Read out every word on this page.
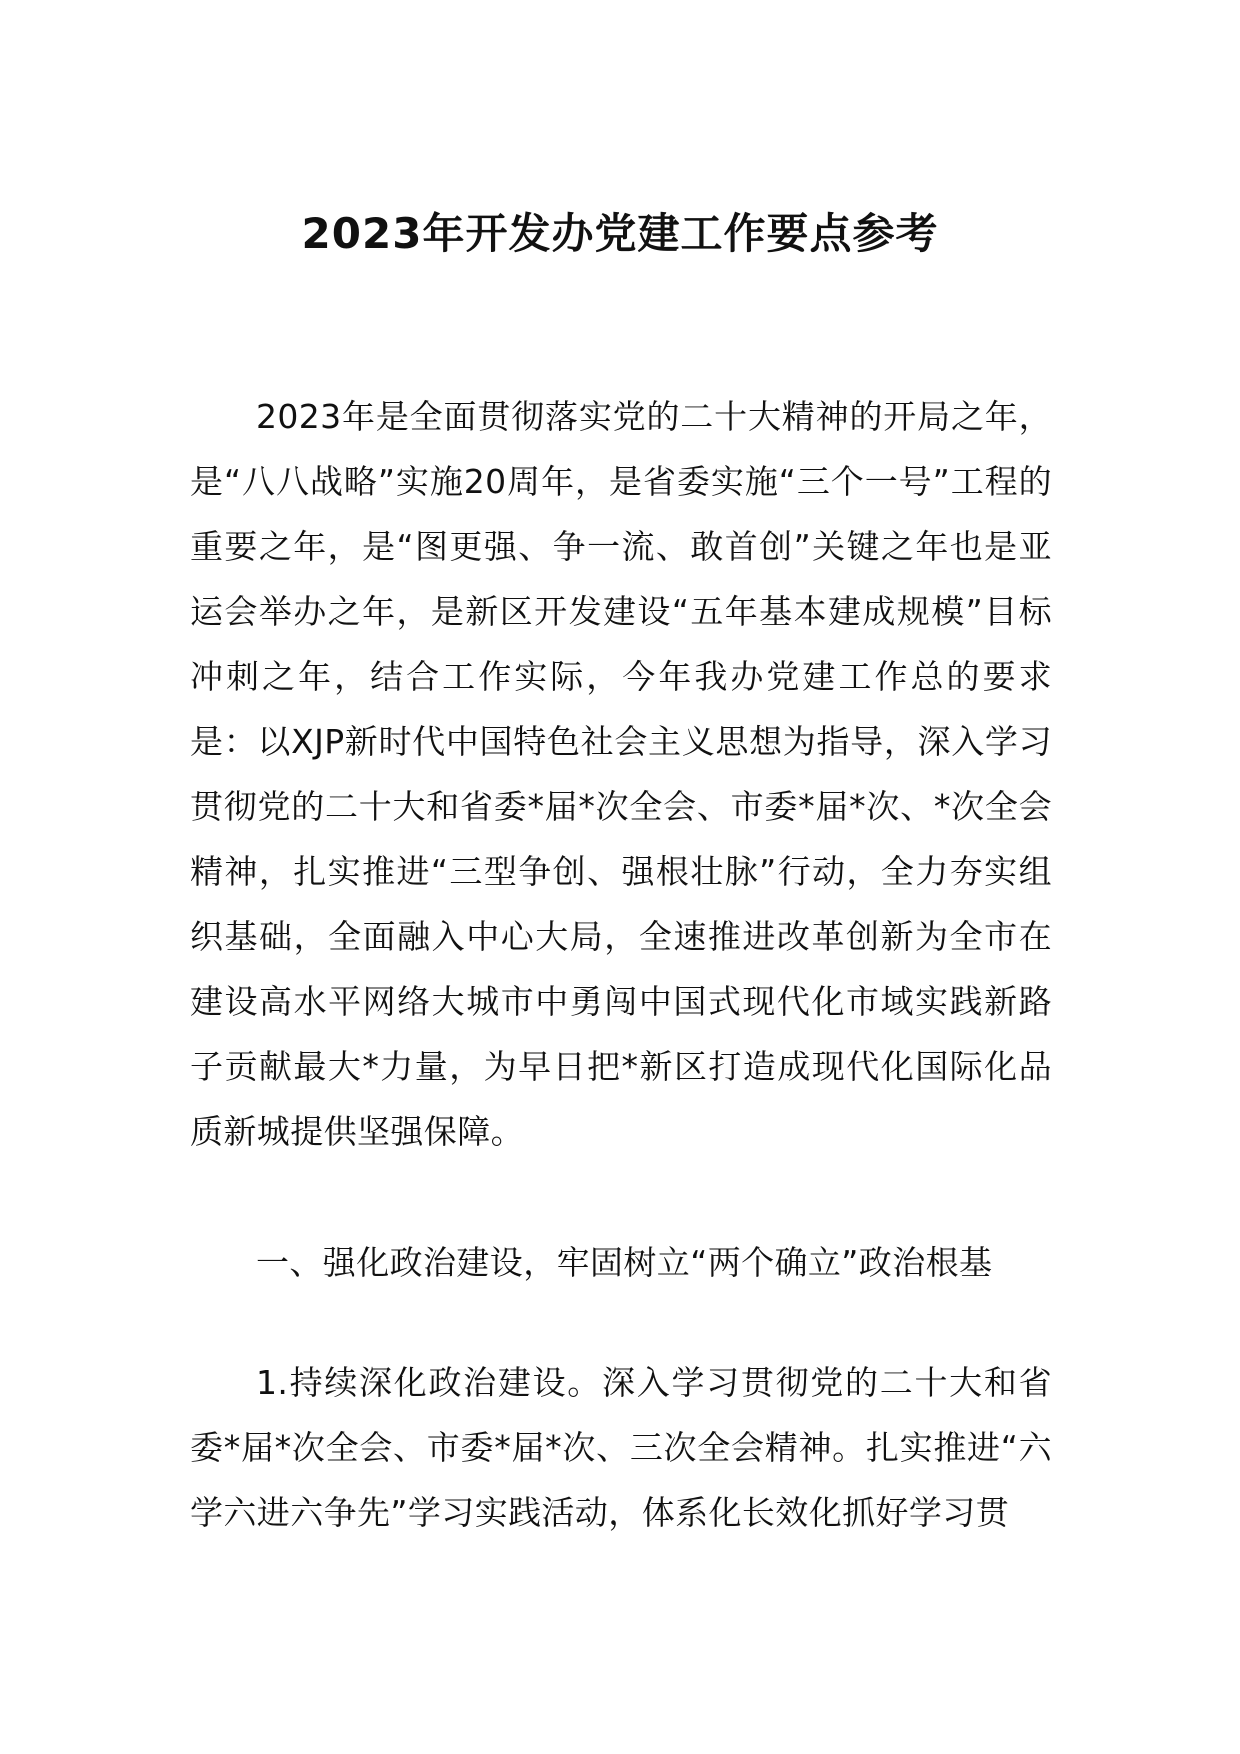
2023年开发办党建工作要点参考

2023年是全面贯彻落实党的二十大精神的开局之年，是“八八战略”实施20周年，是省委实施“三个一号”工程的重要之年，是“图更强、争一流、敢首创”关键之年也是亚运会举办之年，是新区开发建设“五年基本建成规模”目标冲刺之年，结合工作实际，今年我办党建工作总的要求是：以XJP新时代中国特色社会主义思想为指导，深入学习贯彻党的二十大和省委*届*次全会、市委*届*次、*次全会精神，扎实推进“三型争创、强根壮脉”行动，全力夯实组织基础，全面融入中心大局，全速推进改革创新为全市在建设高水平网络大城市中勇闯中国式现代化市域实践新路子贡献最大*力量，为早日把*新区打造成现代化国际化品质新城提供坚强保障。

一、强化政治建设，牢固树立“两个确立”政治根基

1.持续深化政治建设。深入学习贯彻党的二十大和省委*届*次全会、市委*届*次、三次全会精神。扎实推进“六学六进六争先”学习实践活动，体系化长效化抓好学习贯
